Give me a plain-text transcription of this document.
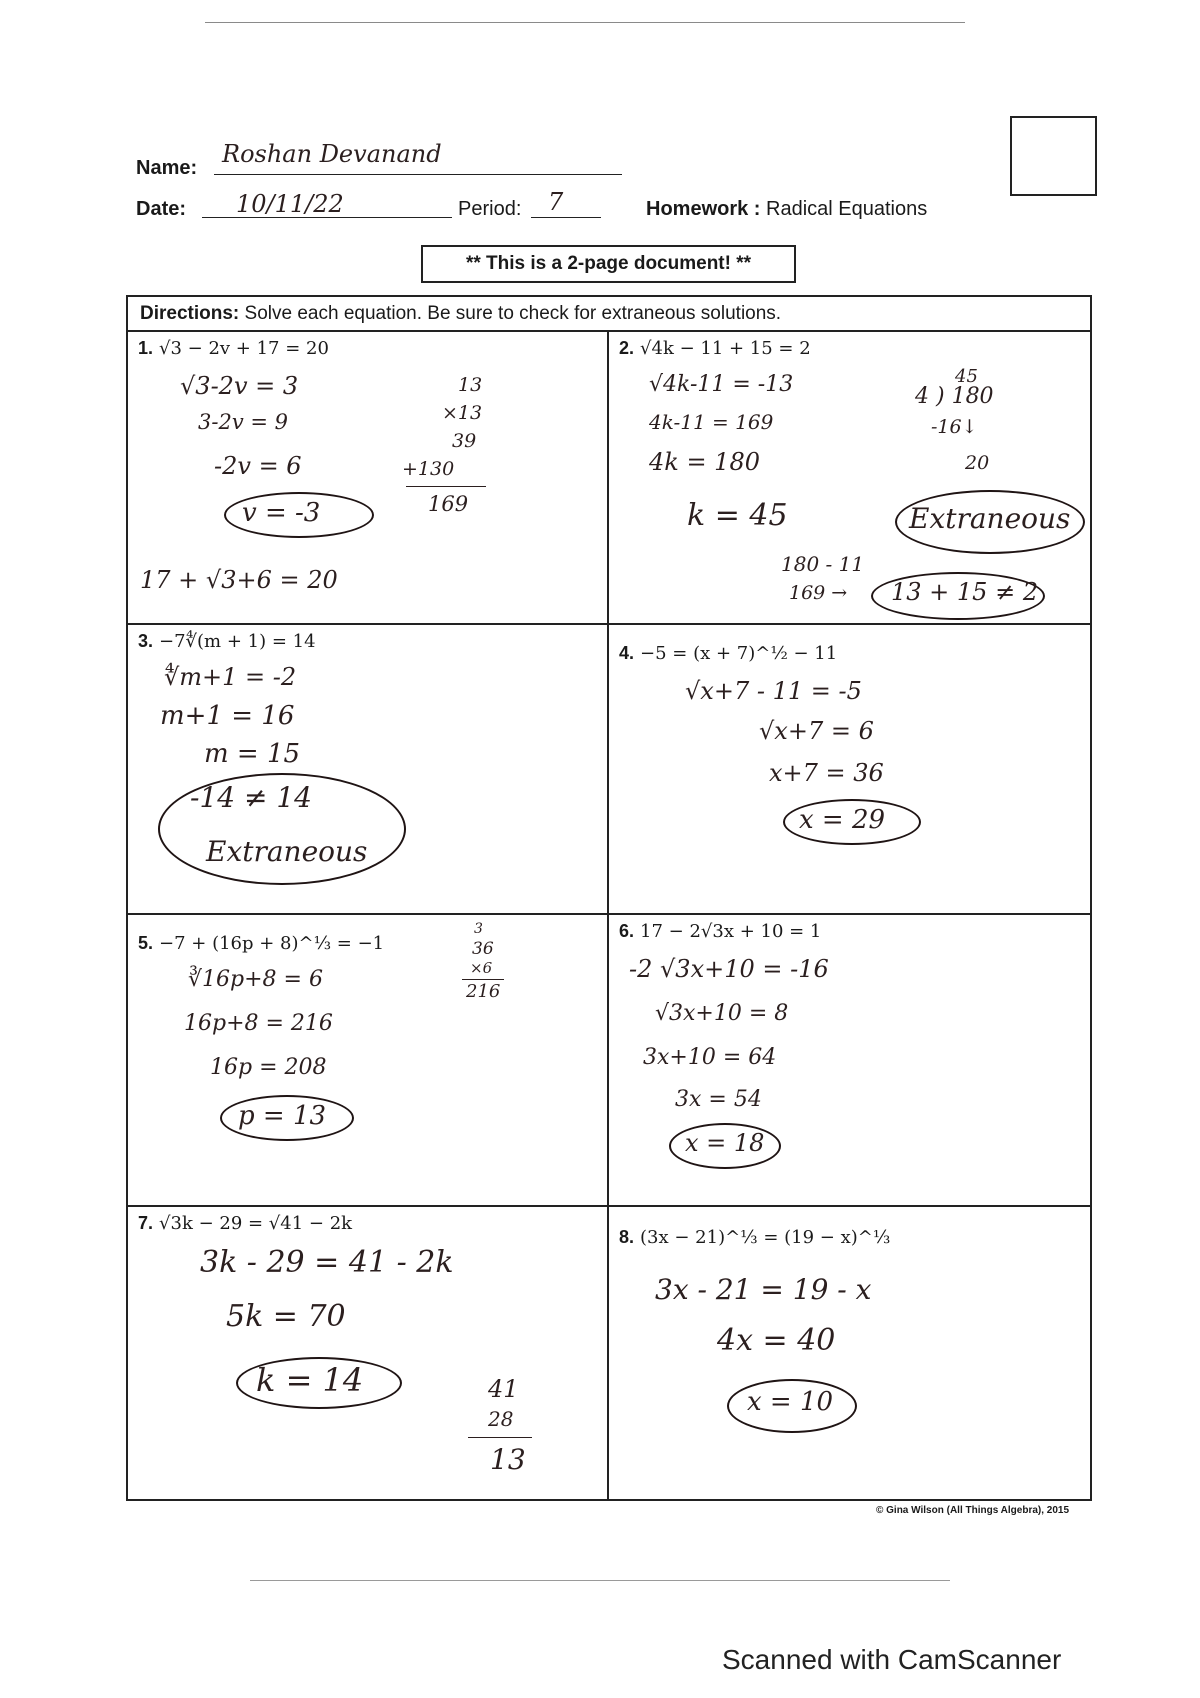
Name: Roshan Devanand
Date: 10/11/22	Period: 7	Homework : Radical Equations
** This is a 2-page document! **
Directions: Solve each equation. Be sure to check for extraneous solutions.
1. √3 − 2v + 17 = 20
√3-2v = 3
3-2v = 9
-2v = 6
v = -3
17 + √3+6 = 20
13
×13
39
+130
169
2. √4k − 11 + 15 = 2
√4k-11 = -13
4k-11 = 169
4k = 180
k = 45
180 - 11
169 → 13 + 15 ≠ 2
45
4 ) 180
-16↓
20
Extraneous
3. −7∜(m + 1) = 14
∜m+1 = -2
m+1 = 16
m = 15
-14 ≠ 14
Extraneous
4. −5 = (x + 7)^½ − 11
√x+7 - 11 = -5
√x+7 = 6
x+7 = 36
x = 29
5. −7 + (16p + 8)^⅓ = −1
∛16p+8 = 6
16p+8 = 216
16p = 208
p = 13
3
36
×6
216
6. 17 − 2√3x + 10 = 1
-2 √3x+10 = -16
√3x+10 = 8
3x+10 = 64
3x = 54
x = 18
7. √3k − 29 = √41 − 2k
3k - 29 = 41 - 2k
5k = 70
k = 14	41
28
13
8. (3x − 21)^⅓ = (19 − x)^⅓
3x - 21 = 19 - x
4x = 40
x = 10
© Gina Wilson (All Things Algebra), 2015
Scanned with CamScanner
